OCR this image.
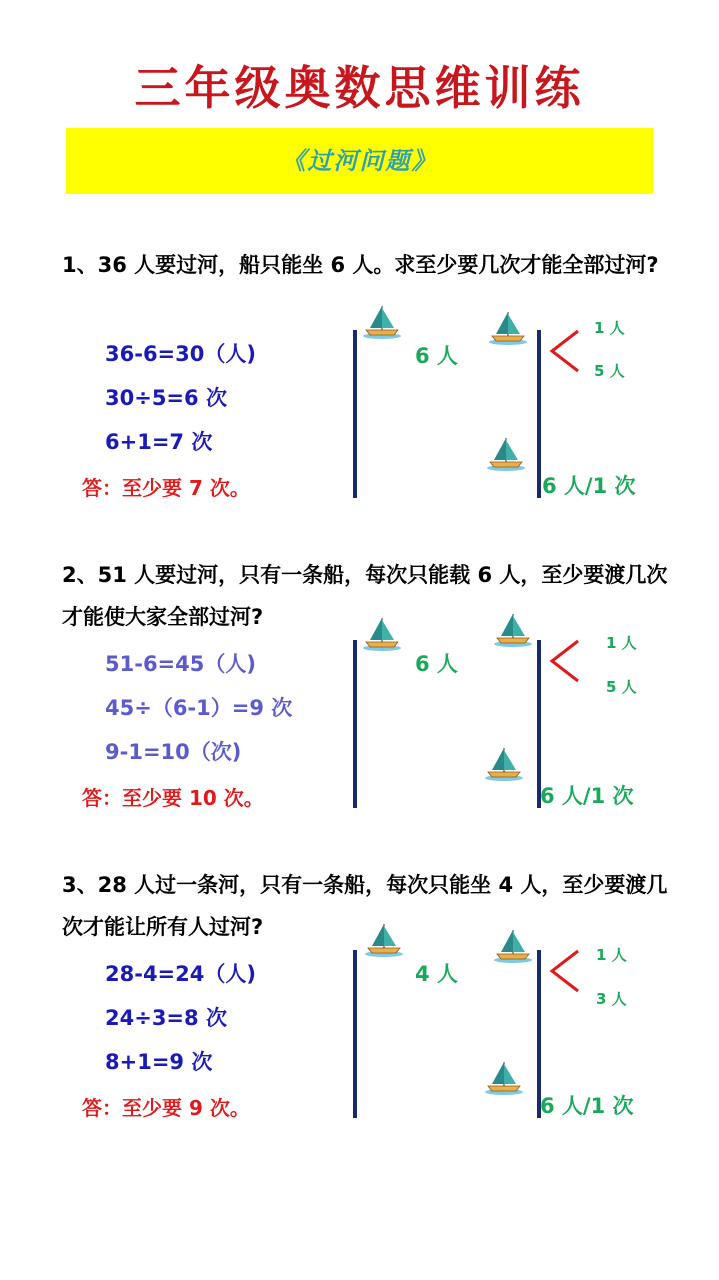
三年级奥数思维训练
《过河问题》
1、36 人要过河，船只能坐 6 人。求至少要几次才能全部过河?
36-6=30（人)
30÷5=6 次
6+1=7 次
答：至少要 7 次。
6 人
1 人
5 人
6 人/1 次
2、51 人要过河，只有一条船，每次只能载 6 人，至少要渡几次才能使大家全部过河?
51-6=45（人)
45÷（6-1）=9 次
9-1=10（次)
答：至少要 10 次。
6 人
1 人
5 人
6 人/1 次
3、28 人过一条河，只有一条船，每次只能坐 4 人，至少要渡几次才能让所有人过河?
28-4=24（人)
24÷3=8 次
8+1=9 次
答：至少要 9 次。
4 人
1 人
3 人
6 人/1 次
